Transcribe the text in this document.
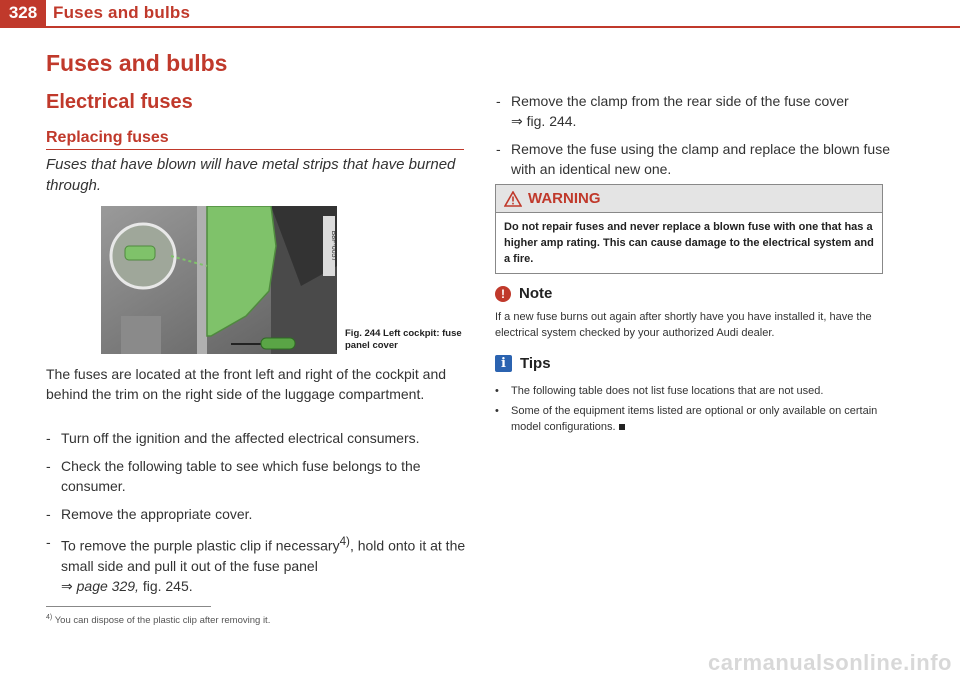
328 Fuses and bulbs
Fuses and bulbs
Electrical fuses
Replacing fuses
Fuses that have blown will have metal strips that have burned through.
B8F-0057
Fig. 244 Left cockpit: fuse panel cover
The fuses are located at the front left and right of the cockpit and behind the trim on the right side of the luggage compartment.
- Turn off the ignition and the affected electrical consumers.
- Check the following table to see which fuse belongs to the consumer.
- Remove the appropriate cover.
- To remove the purple plastic clip if necessary$^{4)}$, hold onto it at the small side and pull it out of the fuse panel
⇒ page 329, fig. 245.
$^{4)}$ You can dispose of the plastic clip after removing it.
- Remove the clamp from the rear side of the fuse cover
⇒ fig. 244.
- Remove the fuse using the clamp and replace the blown fuse with an identical new one.
WARNING
Do not repair fuses and never replace a blown fuse with one that has a higher amp rating. This can cause damage to the electrical system and a fire.
! Note
If a new fuse burns out again after shortly have you have installed it, have the electrical system checked by your authorized Audi dealer.
i Tips
• The following table does not list fuse locations that are not used.
• Some of the equipment items listed are optional or only available on certain model configurations.
carmanualsonline.info
